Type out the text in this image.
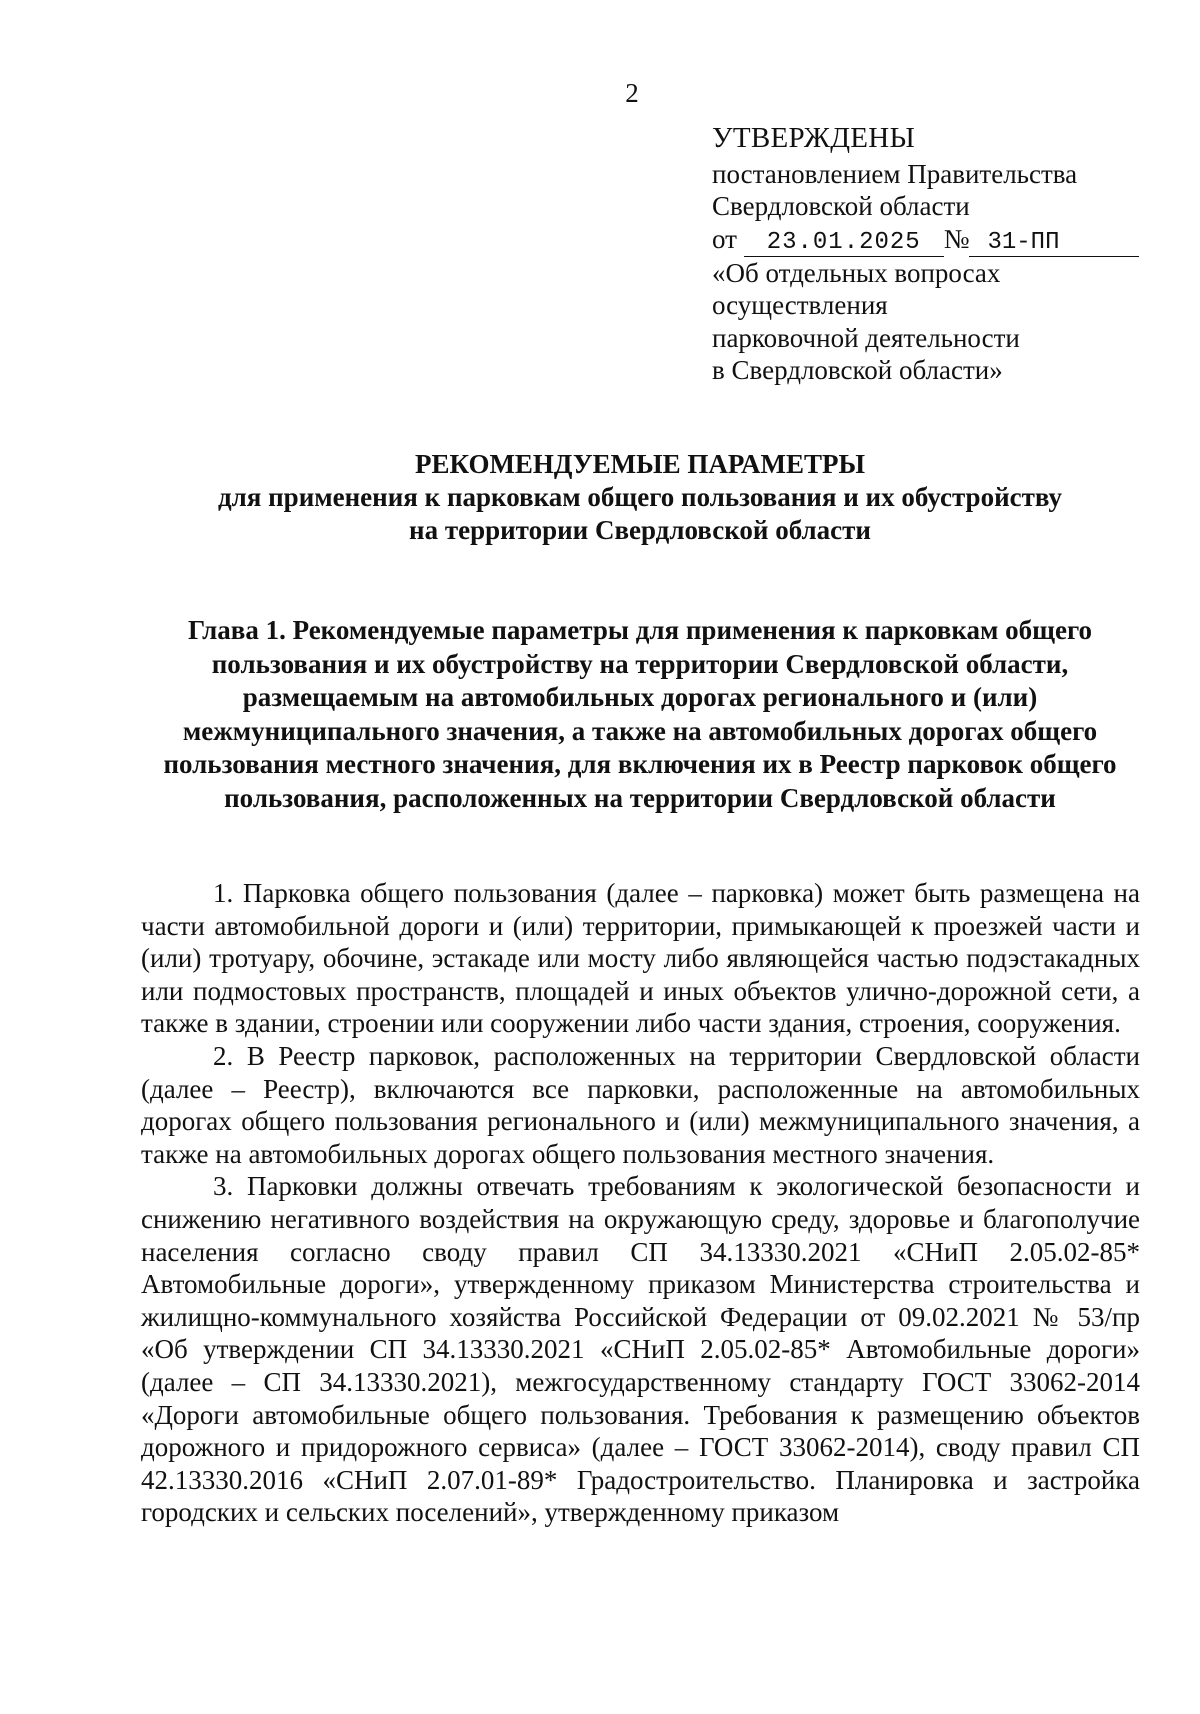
2
УТВЕРЖДЕНЫ
постановлением Правительства
Свердловской области
от 23.01.2025 № 31-ПП
«Об отдельных вопросах
осуществления
парковочной деятельности
в Свердловской области»
РЕКОМЕНДУЕМЫЕ ПАРАМЕТРЫ
для применения к парковкам общего пользования и их обустройству
на территории Свердловской области
Глава 1. Рекомендуемые параметры для применения к парковкам общего
пользования и их обустройству на территории Свердловской области,
размещаемым на автомобильных дорогах регионального и (или)
межмуниципального значения, а также на автомобильных дорогах общего
пользования местного значения, для включения их в Реестр парковок общего
пользования, расположенных на территории Свердловской области

1. Парковка общего пользования (далее – парковка) может быть размещена на части автомобильной дороги и (или) территории, примыкающей к проезжей части и (или) тротуару, обочине, эстакаде или мосту либо являющейся частью подэстакадных или подмостовых пространств, площадей и иных объектов улично-дорожной сети, а также в здании, строении или сооружении либо части здания, строения, сооружения.

2. В Реестр парковок, расположенных на территории Свердловской области (далее – Реестр), включаются все парковки, расположенные на автомобильных дорогах общего пользования регионального и (или) межмуниципального значения, а также на автомобильных дорогах общего пользования местного значения.

3. Парковки должны отвечать требованиям к экологической безопасности и снижению негативного воздействия на окружающую среду, здоровье и благополучие населения согласно своду правил СП 34.13330.2021 «СНиП 2.05.02-85* Автомобильные дороги», утвержденному приказом Министерства строительства и жилищно-коммунального хозяйства Российской Федерации от 09.02.2021 № 53/пр «Об утверждении СП 34.13330.2021 «СНиП 2.05.02-85* Автомобильные дороги» (далее – СП 34.13330.2021), межгосударственному стандарту ГОСТ 33062-2014 «Дороги автомобильные общего пользования. Требования к размещению объектов дорожного и придорожного сервиса» (далее – ГОСТ 33062-2014), своду правил СП 42.13330.2016 «СНиП 2.07.01-89* Градостроительство. Планировка и застройка городских и сельских поселений», утвержденному приказом
